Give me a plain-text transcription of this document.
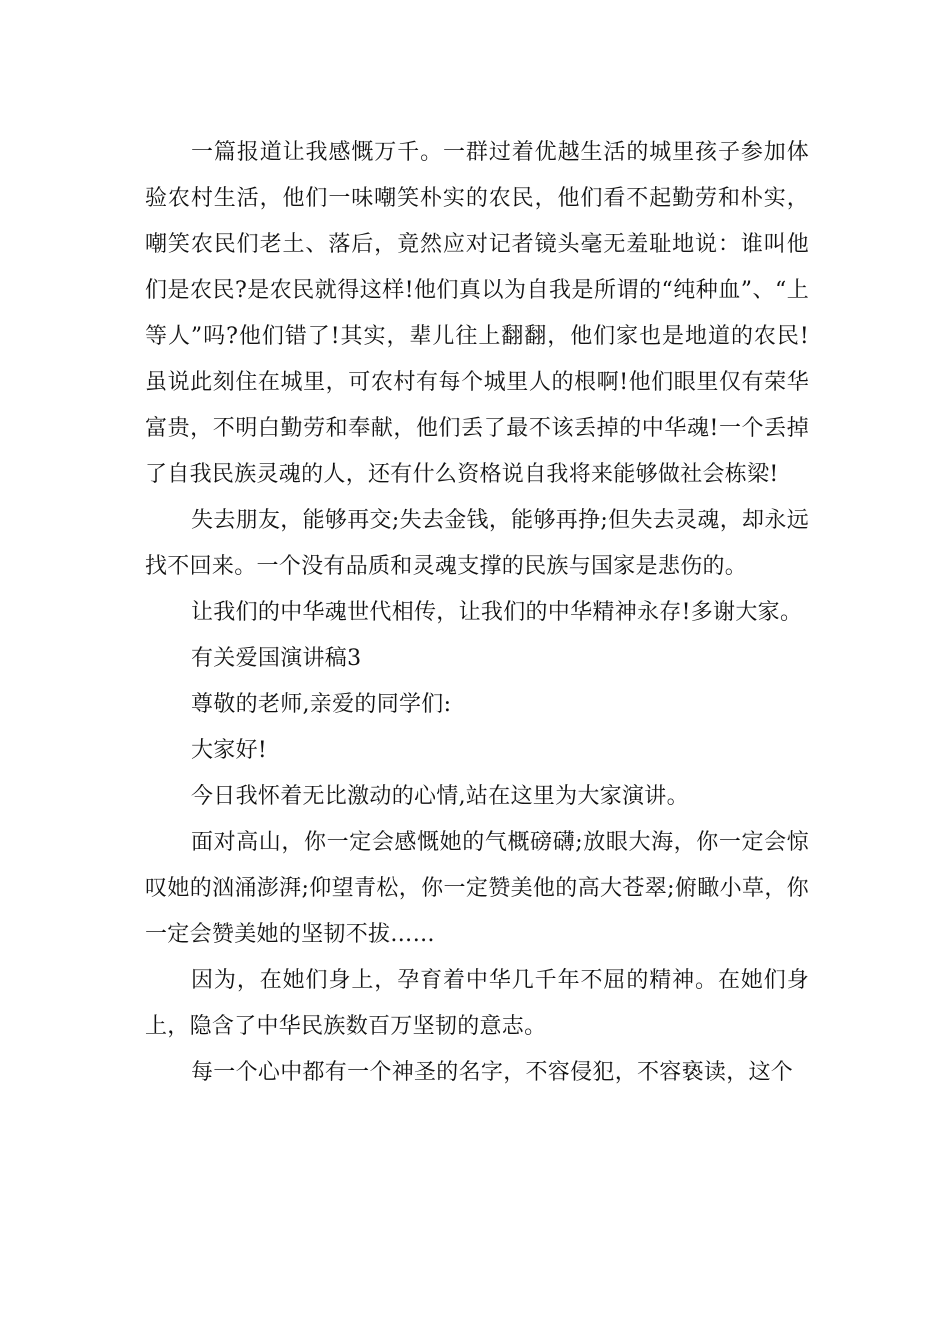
一篇报道让我感慨万千。一群过着优越生活的城里孩子参加体验农村生活，他们一味嘲笑朴实的农民，他们看不起勤劳和朴实，嘲笑农民们老土、落后，竟然应对记者镜头毫无羞耻地说：谁叫他们是农民?是农民就得这样!他们真以为自我是所谓的“纯种血”、“上等人”吗?他们错了!其实，辈儿往上翻翻，他们家也是地道的农民!虽说此刻住在城里，可农村有每个城里人的根啊!他们眼里仅有荣华富贵，不明白勤劳和奉献，他们丢了最不该丢掉的中华魂!一个丢掉了自我民族灵魂的人，还有什么资格说自我将来能够做社会栋梁!

失去朋友，能够再交;失去金钱，能够再挣;但失去灵魂，却永远找不回来。一个没有品质和灵魂支撑的民族与国家是悲伤的。

让我们的中华魂世代相传，让我们的中华精神永存!多谢大家。

有关爱国演讲稿3

尊敬的老师,亲爱的同学们:

大家好!

今日我怀着无比激动的心情,站在这里为大家演讲。

面对高山，你一定会感慨她的气概磅礴;放眼大海，你一定会惊叹她的汹涌澎湃;仰望青松，你一定赞美他的高大苍翠;俯瞰小草，你一定会赞美她的坚韧不拔……

因为，在她们身上，孕育着中华几千年不屈的精神。在她们身上，隐含了中华民族数百万坚韧的意志。

每一个心中都有一个神圣的名字，不容侵犯，不容亵读，这个
